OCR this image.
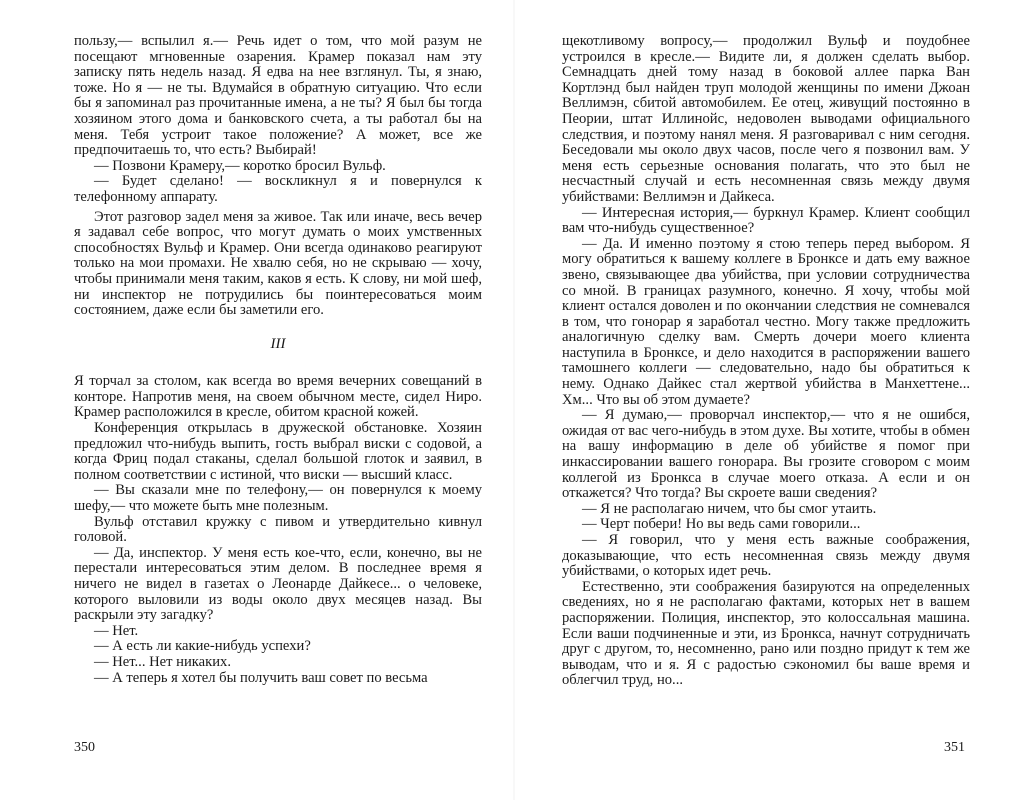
пользу,— вспылил я.— Речь идет о том, что мой разум не посещают мгновенные озарения. Крамер показал нам эту записку пять недель назад. Я едва на нее взглянул. Ты, я знаю, тоже. Но я — не ты. Вдумайся в обратную ситуацию. Что если бы я запоминал раз прочитанные имена, а не ты? Я был бы тогда хозяином этого дома и банковского счета, а ты работал бы на меня. Тебя устроит такое положение? А может, все же предпочитаешь то, что есть? Выбирай!

— Позвони Крамеру,— коротко бросил Вульф.

— Будет сделано! — воскликнул я и повернулся к телефонному аппарату.

Этот разговор задел меня за живое. Так или иначе, весь вечер я задавал себе вопрос, что могут думать о моих умственных способностях Вульф и Крамер. Они всегда одинаково реагируют только на мои промахи. Не хвалю себя, но не скрываю — хочу, чтобы принимали меня таким, каков я есть. К слову, ни мой шеф, ни инспектор не потрудились бы поинтересоваться моим состоянием, даже если бы заметили его.

III

Я торчал за столом, как всегда во время вечерних совещаний в конторе. Напротив меня, на своем обычном месте, сидел Ниро. Крамер расположился в кресле, обитом красной кожей.

Конференция открылась в дружеской обстановке. Хозяин предложил что-нибудь выпить, гость выбрал виски с содовой, а когда Фриц подал стаканы, сделал большой глоток и заявил, в полном соответствии с истиной, что виски — высший класс.

— Вы сказали мне по телефону,— он повернулся к моему шефу,— что можете быть мне полезным.

Вульф отставил кружку с пивом и утвердительно кивнул головой.

— Да, инспектор. У меня есть кое-что, если, конечно, вы не перестали интересоваться этим делом. В последнее время я ничего не видел в газетах о Леонарде Дайкесе... о человеке, которого выловили из воды около двух месяцев назад. Вы раскрыли эту загадку?

— Нет.

— А есть ли какие-нибудь успехи?

— Нет... Нет никаких.

— А теперь я хотел бы получить ваш совет по весьма

350

щекотливому вопросу,— продолжил Вульф и поудобнее устроился в кресле.— Видите ли, я должен сделать выбор. Семнадцать дней тому назад в боковой аллее парка Ван Кортлэнд был найден труп молодой женщины по имени Джоан Веллимэн, сбитой автомобилем. Ее отец, живущий постоянно в Пеории, штат Иллинойс, недоволен выводами официального следствия, и поэтому нанял меня. Я разговаривал с ним сегодня. Беседовали мы около двух часов, после чего я позвонил вам. У меня есть серьезные основания полагать, что это был не несчастный случай и есть несомненная связь между двумя убийствами: Веллимэн и Дайкеса.

— Интересная история,— буркнул Крамер. Клиент сообщил вам что-нибудь существенное?

— Да. И именно поэтому я стою теперь перед выбором. Я могу обратиться к вашему коллеге в Бронксе и дать ему важное звено, связывающее два убийства, при условии сотрудничества со мной. В границах разумного, конечно. Я хочу, чтобы мой клиент остался доволен и по окончании следствия не сомневался в том, что гонорар я заработал честно. Могу также предложить аналогичную сделку вам. Смерть дочери моего клиента наступила в Бронксе, и дело находится в распоряжении вашего тамошнего коллеги — следовательно, надо бы обратиться к нему. Однако Дайкес стал жертвой убийства в Манхеттене... Хм... Что вы об этом думаете?

— Я думаю,— проворчал инспектор,— что я не ошибся, ожидая от вас чего-нибудь в этом духе. Вы хотите, чтобы в обмен на вашу информацию в деле об убийстве я помог при инкассировании вашего гонорара. Вы грозите сговором с моим коллегой из Бронкса в случае моего отказа. А если и он откажется? Что тогда? Вы скроете ваши сведения?

— Я не располагаю ничем, что бы смог утаить.

— Черт побери! Но вы ведь сами говорили...

— Я говорил, что у меня есть важные соображения, доказывающие, что есть несомненная связь между двумя убийствами, о которых идет речь.

Естественно, эти соображения базируются на определенных сведениях, но я не располагаю фактами, которых нет в вашем распоряжении. Полиция, инспектор, это колоссальная машина. Если ваши подчиненные и эти, из Бронкса, начнут сотрудничать друг с другом, то, несомненно, рано или поздно придут к тем же выводам, что и я. Я с радостью сэкономил бы ваше время и облегчил труд, но...

351
